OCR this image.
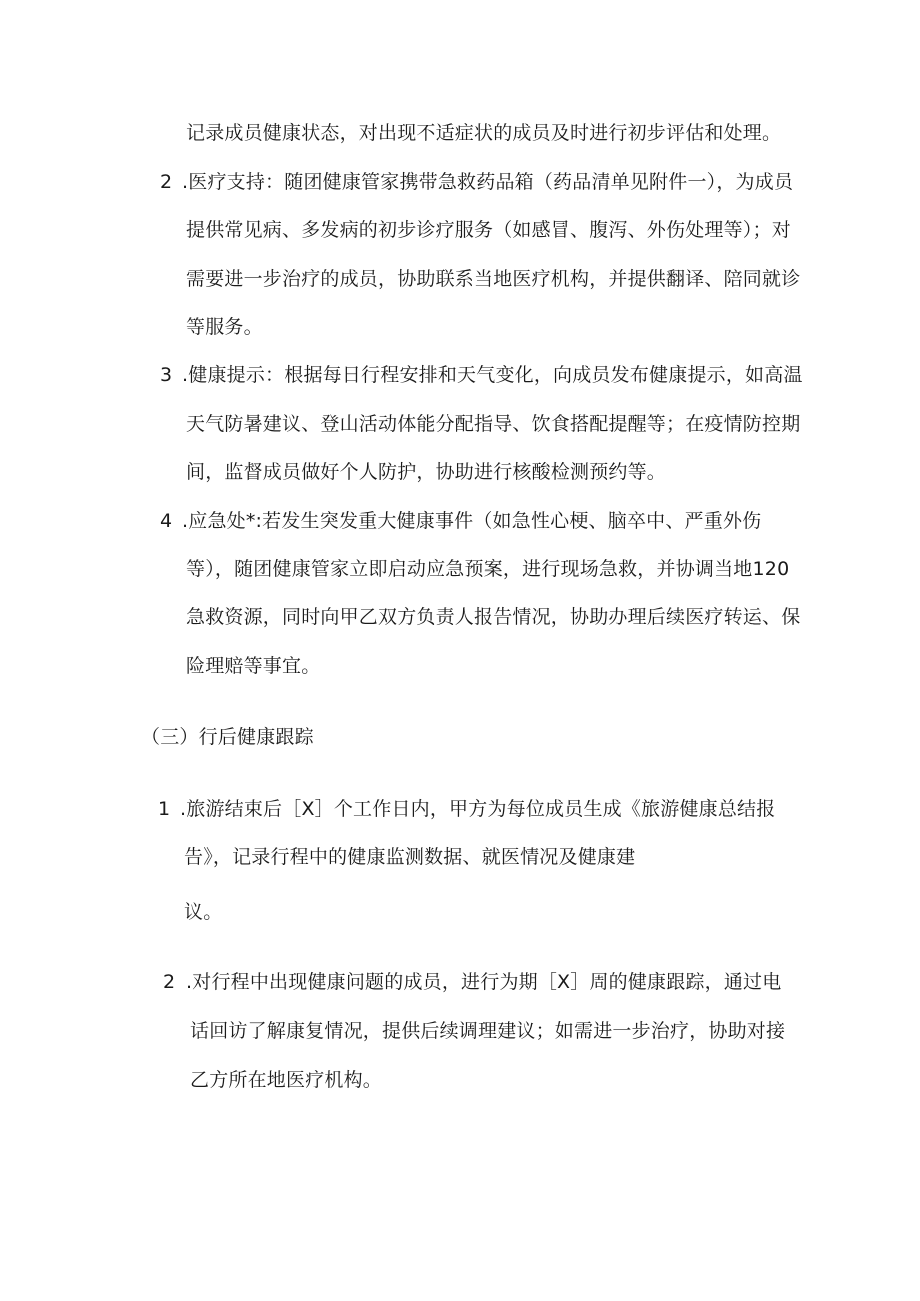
记录成员健康状态，对出现不适症状的成员及时进行初步评估和处理。
2 .医疗支持：随团健康管家携带急救药品箱（药品清单见附件一），为成员
提供常见病、多发病的初步诊疗服务（如感冒、腹泻、外伤处理等）；对
需要进一步治疗的成员，协助联系当地医疗机构，并提供翻译、陪同就诊
等服务。
3 .健康提示：根据每日行程安排和天气变化，向成员发布健康提示，如高温
天气防暑建议、登山活动体能分配指导、饮食搭配提醒等；在疫情防控期
间，监督成员做好个人防护，协助进行核酸检测预约等。
4 .应急处*:若发生突发重大健康事件（如急性心梗、脑卒中、严重外伤
等），随团健康管家立即启动应急预案，进行现场急救，并协调当地120
急救资源，同时向甲乙双方负责人报告情况，协助办理后续医疗转运、保
险理赔等事宜。
（三）行后健康跟踪
1 .旅游结束后［X］个工作日内，甲方为每位成员生成《旅游健康总结报
告》，记录行程中的健康监测数据、就医情况及健康建
议。
2 .对行程中出现健康问题的成员，进行为期［X］周的健康跟踪，通过电
话回访了解康复情况，提供后续调理建议；如需进一步治疗，协助对接
乙方所在地医疗机构。
